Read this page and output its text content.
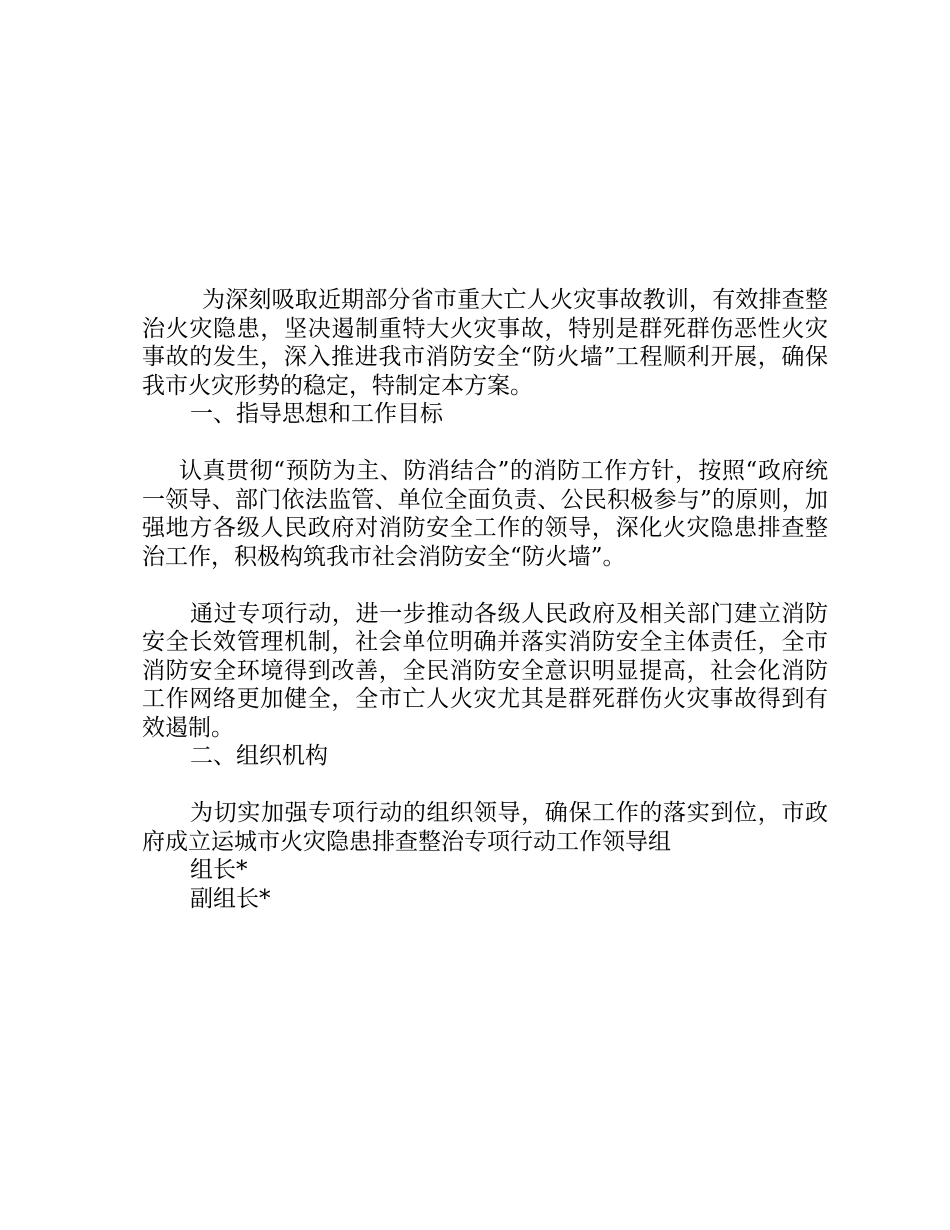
为深刻吸取近期部分省市重大亡人火灾事故教训，有效排查整治火灾隐患，坚决遏制重特大火灾事故，特别是群死群伤恶性火灾事故的发生，深入推进我市消防安全“防火墙”工程顺利开展，确保我市火灾形势的稳定，特制定本方案。

一、指导思想和工作目标

认真贯彻“预防为主、防消结合”的消防工作方针，按照“政府统一领导、部门依法监管、单位全面负责、公民积极参与”的原则，加强地方各级人民政府对消防安全工作的领导，深化火灾隐患排查整治工作，积极构筑我市社会消防安全“防火墙”。

通过专项行动，进一步推动各级人民政府及相关部门建立消防安全长效管理机制，社会单位明确并落实消防安全主体责任，全市消防安全环境得到改善，全民消防安全意识明显提高，社会化消防工作网络更加健全，全市亡人火灾尤其是群死群伤火灾事故得到有效遏制。

二、组织机构

为切实加强专项行动的组织领导，确保工作的落实到位，市政府成立运城市火灾隐患排查整治专项行动工作领导组

组长*

副组长*
